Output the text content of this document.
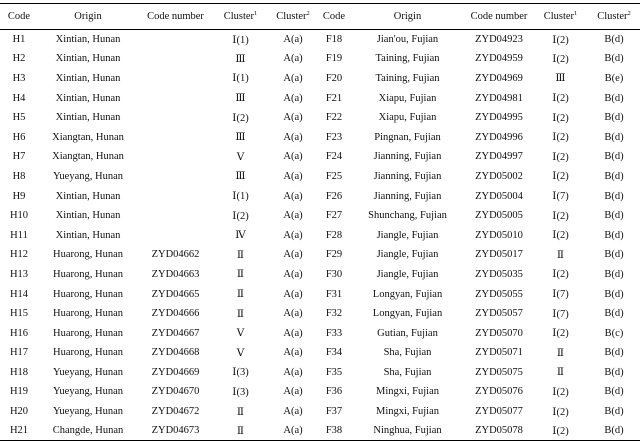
Code	Origin	Code number	Cluster$^1$	Cluster$^2$	Code	Origin	Code number	Cluster$^1$	Cluster$^2$
H1	Xintian, Hunan		Ⅰ(1)	A(a)	F18	Jian'ou, Fujian	ZYD04923	Ⅰ(2)	B(d)
H2	Xintian, Hunan		Ⅲ	A(a)	F19	Taining, Fujian	ZYD04959	Ⅰ(2)	B(d)
H3	Xintian, Hunan		Ⅰ(1)	A(a)	F20	Taining, Fujian	ZYD04969	Ⅲ	B(e)
H4	Xintian, Hunan		Ⅲ	A(a)	F21	Xiapu, Fujian	ZYD04981	Ⅰ(2)	B(d)
H5	Xintian, Hunan		Ⅰ(2)	A(a)	F22	Xiapu, Fujian	ZYD04995	Ⅰ(2)	B(d)
H6	Xiangtan, Hunan		Ⅲ	A(a)	F23	Pingnan, Fujian	ZYD04996	Ⅰ(2)	B(d)
H7	Xiangtan, Hunan		Ⅴ	A(a)	F24	Jianning, Fujian	ZYD04997	Ⅰ(2)	B(d)
H8	Yueyang, Hunan		Ⅲ	A(a)	F25	Jianning, Fujian	ZYD05002	Ⅰ(2)	B(d)
H9	Xintian, Hunan		Ⅰ(1)	A(a)	F26	Jianning, Fujian	ZYD05004	Ⅰ(7)	B(d)
H10	Xintian, Hunan		Ⅰ(2)	A(a)	F27	Shunchang, Fujian	ZYD05005	Ⅰ(2)	B(d)
H11	Xintian, Hunan		Ⅳ	A(a)	F28	Jiangle, Fujian	ZYD05010	Ⅰ(2)	B(d)
H12	Huarong, Hunan	ZYD04662	Ⅱ	A(a)	F29	Jiangle, Fujian	ZYD05017	Ⅱ	B(d)
H13	Huarong, Hunan	ZYD04663	Ⅱ	A(a)	F30	Jiangle, Fujian	ZYD05035	Ⅰ(2)	B(d)
H14	Huarong, Hunan	ZYD04665	Ⅱ	A(a)	F31	Longyan, Fujian	ZYD05055	Ⅰ(7)	B(d)
H15	Huarong, Hunan	ZYD04666	Ⅱ	A(a)	F32	Longyan, Fujian	ZYD05057	Ⅰ(7)	B(d)
H16	Huarong, Hunan	ZYD04667	Ⅴ	A(a)	F33	Gutian, Fujian	ZYD05070	Ⅰ(2)	B(c)
H17	Huarong, Hunan	ZYD04668	Ⅴ	A(a)	F34	Sha, Fujian	ZYD05071	Ⅱ	B(d)
H18	Yueyang, Hunan	ZYD04669	Ⅰ(3)	A(a)	F35	Sha, Fujian	ZYD05075	Ⅱ	B(d)
H19	Yueyang, Hunan	ZYD04670	Ⅰ(3)	A(a)	F36	Mingxi, Fujian	ZYD05076	Ⅰ(2)	B(d)
H20	Yueyang, Hunan	ZYD04672	Ⅱ	A(a)	F37	Mingxi, Fujian	ZYD05077	Ⅰ(2)	B(d)
H21	Changde, Hunan	ZYD04673	Ⅱ	A(a)	F38	Ninghua, Fujian	ZYD05078	Ⅰ(2)	B(d)
